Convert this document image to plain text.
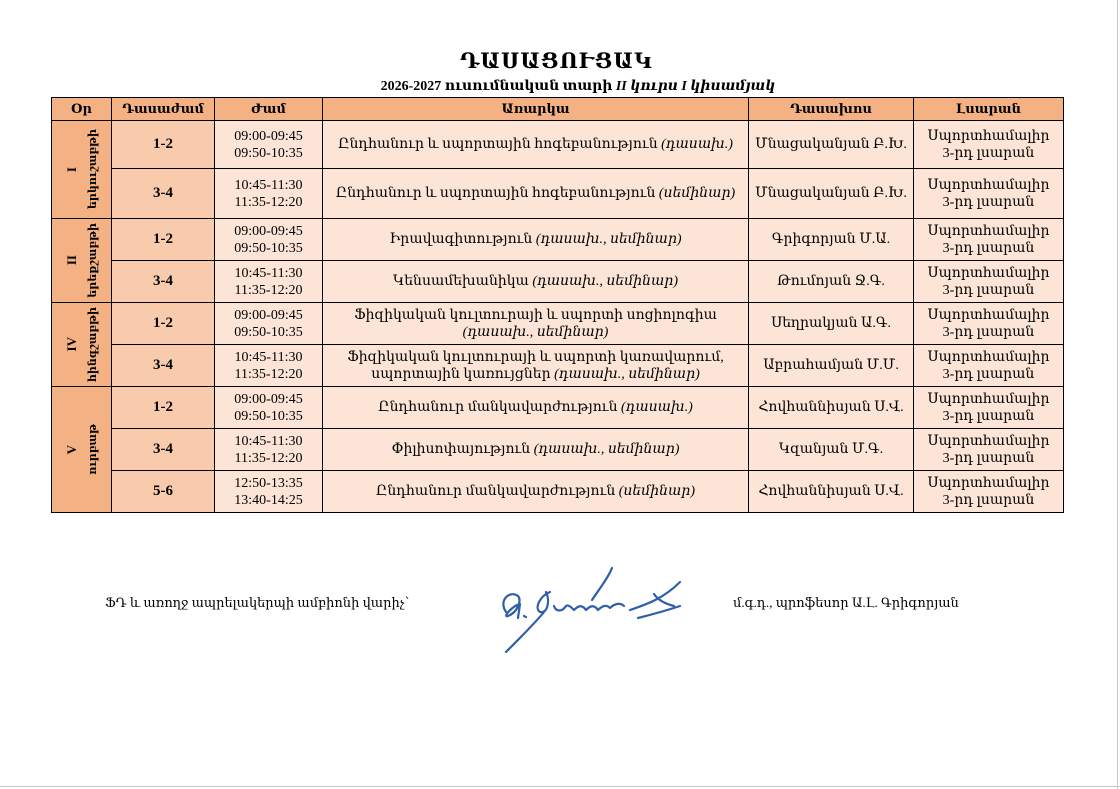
ԴԱՍԱՑՈՒՑԱԿ
2026-2027 ուսումնական տարի II կուրս I կիսամյակ
Օր	Դասաժամ	Ժամ	Առարկա	Դասախոս	Լսարան

I երկուշաբթի	1-2	09:00-09:45
09:50-10:35	Ընդհանուր և սպորտային հոգեբանություն (դասախ.)	Մնացականյան Բ.Խ.	Սպորտհամալիր
3-րդ լսարան

	3-4	10:45-11:30
11:35-12:20	Ընդհանուր և սպորտային հոգեբանություն (սեմինար)	Մնացականյան Բ.Խ.	Սպորտհամալիր
3-րդ լսարան

II երեքշաբթի	1-2	09:00-09:45
09:50-10:35	Իրավագիտություն (դասախ., սեմինար)	Գրիգորյան Մ.Ա.	Սպորտհամալիր
3-րդ լսարան

	3-4	10:45-11:30
11:35-12:20	Կենսամեխանիկա (դասախ., սեմինար)	Թումոյան Ջ.Գ.	Սպորտհամալիր
3-րդ լսարան

IV հինգշաբթի	1-2	09:00-09:45
09:50-10:35	Ֆիզիկական կուլտուրայի և սպորտի սոցիոլոգիա (դասախ., սեմինար)	Սեղրակյան Ա.Գ.	Սպորտհամալիր
3-րդ լսարան

	3-4	10:45-11:30
11:35-12:20	Ֆիզիկական կուլտուրայի և սպորտի կառավարում, սպորտային կառույցներ (դասախ., սեմինար)	Աբրահամյան Մ.Մ.	Սպորտհամալիր
3-րդ լսարան

V ուրբաթ	1-2	09:00-09:45
09:50-10:35	Ընդհանուր մանկավարժություն (դասախ.)	Հովհաննիսյան Ս.Վ.	Սպորտհամալիր
3-րդ լսարան

	3-4	10:45-11:30
11:35-12:20	Փիլիսոփայություն (դասախ., սեմինար)	Կզանյան Մ.Գ.	Սպորտհամալիր
3-րդ լսարան

	5-6	12:50-13:35
13:40-14:25	Ընդհանուր մանկավարժություն (սեմինար)	Հովհաննիսյան Ս.Վ.	Սպորտհամալիր
3-րդ լսարան
ՖԴ և առողջ ապրելակերպի ամբիոնի վարիչ՝	մ.գ.դ., պրոֆեսոր Ա.Լ. Գրիգորյան
